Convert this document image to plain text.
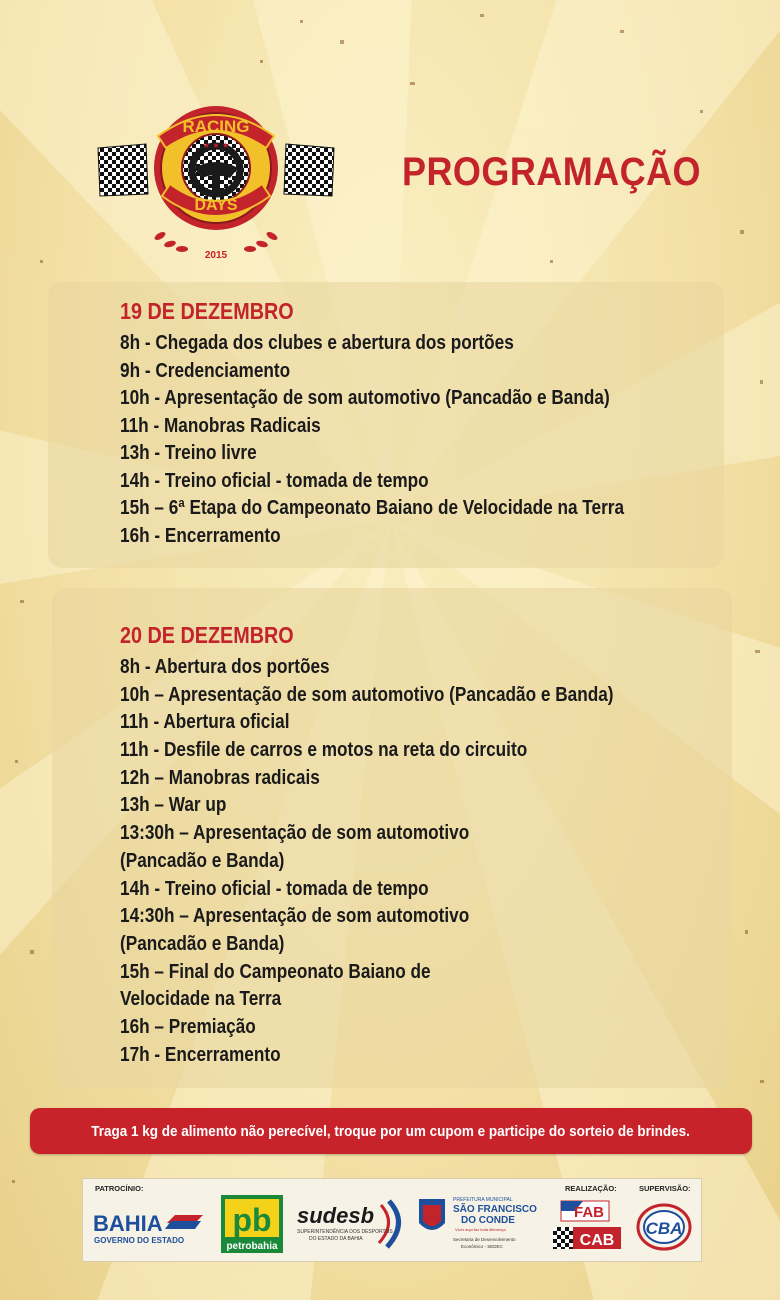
★ ★ ★
RACING
DAYS
2015
PROGRAMAÇÃO
19 DE DEZEMBRO
8h - Chegada dos clubes e abertura dos portões
9h - Credenciamento
10h - Apresentação de som automotivo (Pancadão e Banda)
11h - Manobras Radicais
13h - Treino livre
14h - Treino oficial - tomada de tempo
15h – 6ª Etapa do Campeonato Baiano de Velocidade na Terra
16h - Encerramento
20 DE DEZEMBRO
8h - Abertura dos portões
10h – Apresentação de som automotivo (Pancadão e Banda)
11h - Abertura oficial
11h - Desfile de carros e motos na reta do circuito
12h – Manobras radicais
13h – War up
13:30h – Apresentação de som automotivo
(Pancadão e Banda)
14h - Treino oficial - tomada de tempo
14:30h – Apresentação de som automotivo
(Pancadão e Banda)
15h – Final do Campeonato Baiano de
Velocidade na Terra
16h – Premiação
17h - Encerramento
Traga 1 kg de alimento não perecível, troque por um cupom e participe do sorteio de brindes.
PATROCÍNIO:	REALIZAÇÃO:	SUPERVISÃO:
BAHIA
GOVERNO DO ESTADO
pb
petrobahia
sudesb
SUPERINTENDÊNCIA DOS DESPORTOS
DO ESTADO DA BAHIA
PREFEITURA MUNICIPAL
SÃO FRANCISCO
DO CONDE
Viver aqui faz toda diferença
Secretaria de Desenvolvimento
Econômico - SEDEC
FAB
CAB
CBA
